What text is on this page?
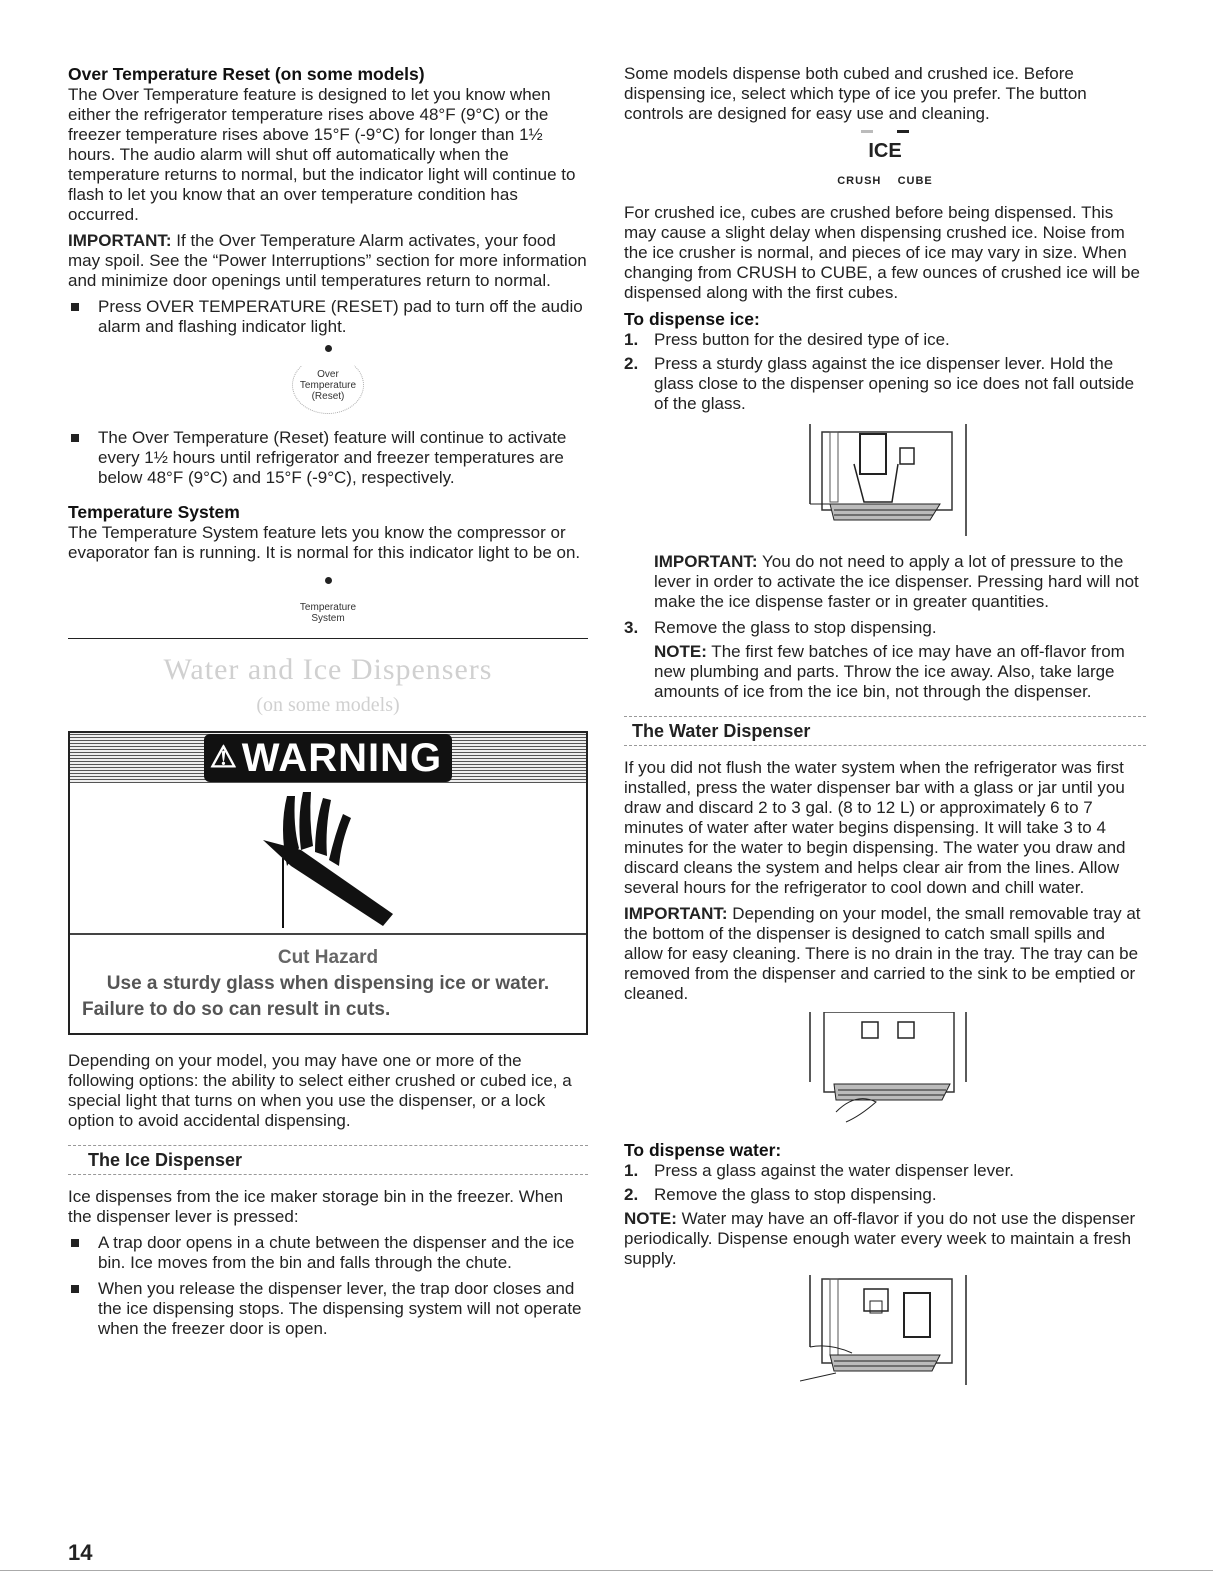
Over Temperature Reset (on some models)

The Over Temperature feature is designed to let you know when either the refrigerator temperature rises above 48°F (9°C) or the freezer temperature rises above 15°F (-9°C) for longer than 1½ hours. The audio alarm will shut off automatically when the temperature returns to normal, but the indicator light will continue to flash to let you know that an over temperature condition has occurred.

IMPORTANT: If the Over Temperature Alarm activates, your food may spoil. See the “Power Interruptions” section for more information and minimize door openings until temperatures return to normal.

Press OVER TEMPERATURE (RESET) pad to turn off the audio alarm and flashing indicator light.
Over
Temperature
(Reset)
The Over Temperature (Reset) feature will continue to activate every 1½ hours until refrigerator and freezer temperatures are below 48°F (9°C) and 15°F (-9°C), respectively.
Temperature System

The Temperature System feature lets you know the compressor or evaporator fan is running. It is normal for this indicator light to be on.

Temperature
System
Water and Ice Dispensers
(on some models)
⚠ WARNING
Cut Hazard
Use a sturdy glass when dispensing ice or water.
Failure to do so can result in cuts.

Depending on your model, you may have one or more of the following options: the ability to select either crushed or cubed ice, a special light that turns on when you use the dispenser, or a lock option to avoid accidental dispensing.

The Ice Dispenser

Ice dispenses from the ice maker storage bin in the freezer. When the dispenser lever is pressed:

A trap door opens in a chute between the dispenser and the ice bin. Ice moves from the bin and falls through the chute.
When you release the dispenser lever, the trap door closes and the ice dispensing stops. The dispensing system will not operate when the freezer door is open.

Some models dispense both cubed and crushed ice. Before dispensing ice, select which type of ice you prefer. The button controls are designed for easy use and cleaning.

ICE
CRUSH CUBE

For crushed ice, cubes are crushed before being dispensed. This may cause a slight delay when dispensing crushed ice. Noise from the ice crusher is normal, and pieces of ice may vary in size. When changing from CRUSH to CUBE, a few ounces of crushed ice will be dispensed along with the first cubes.

To dispense ice:
1. Press button for the desired type of ice.
2. Press a sturdy glass against the ice dispenser lever. Hold the glass close to the dispenser opening so ice does not fall outside of the glass.

IMPORTANT: You do not need to apply a lot of pressure to the lever in order to activate the ice dispenser. Pressing hard will not make the ice dispense faster or in greater quantities.

3. Remove the glass to stop dispensing.

NOTE: The first few batches of ice may have an off-flavor from new plumbing and parts. Throw the ice away. Also, take large amounts of ice from the ice bin, not through the dispenser.

The Water Dispenser

If you did not flush the water system when the refrigerator was first installed, press the water dispenser bar with a glass or jar until you draw and discard 2 to 3 gal. (8 to 12 L) or approximately 6 to 7 minutes of water after water begins dispensing. It will take 3 to 4 minutes for the water to begin dispensing. The water you draw and discard cleans the system and helps clear air from the lines. Allow several hours for the refrigerator to cool down and chill water.

IMPORTANT: Depending on your model, the small removable tray at the bottom of the dispenser is designed to catch small spills and allow for easy cleaning. There is no drain in the tray. The tray can be removed from the dispenser and carried to the sink to be emptied or cleaned.

To dispense water:
1. Press a glass against the water dispenser lever.
2. Remove the glass to stop dispensing.

NOTE: Water may have an off-flavor if you do not use the dispenser periodically. Dispense enough water every week to maintain a fresh supply.

14
